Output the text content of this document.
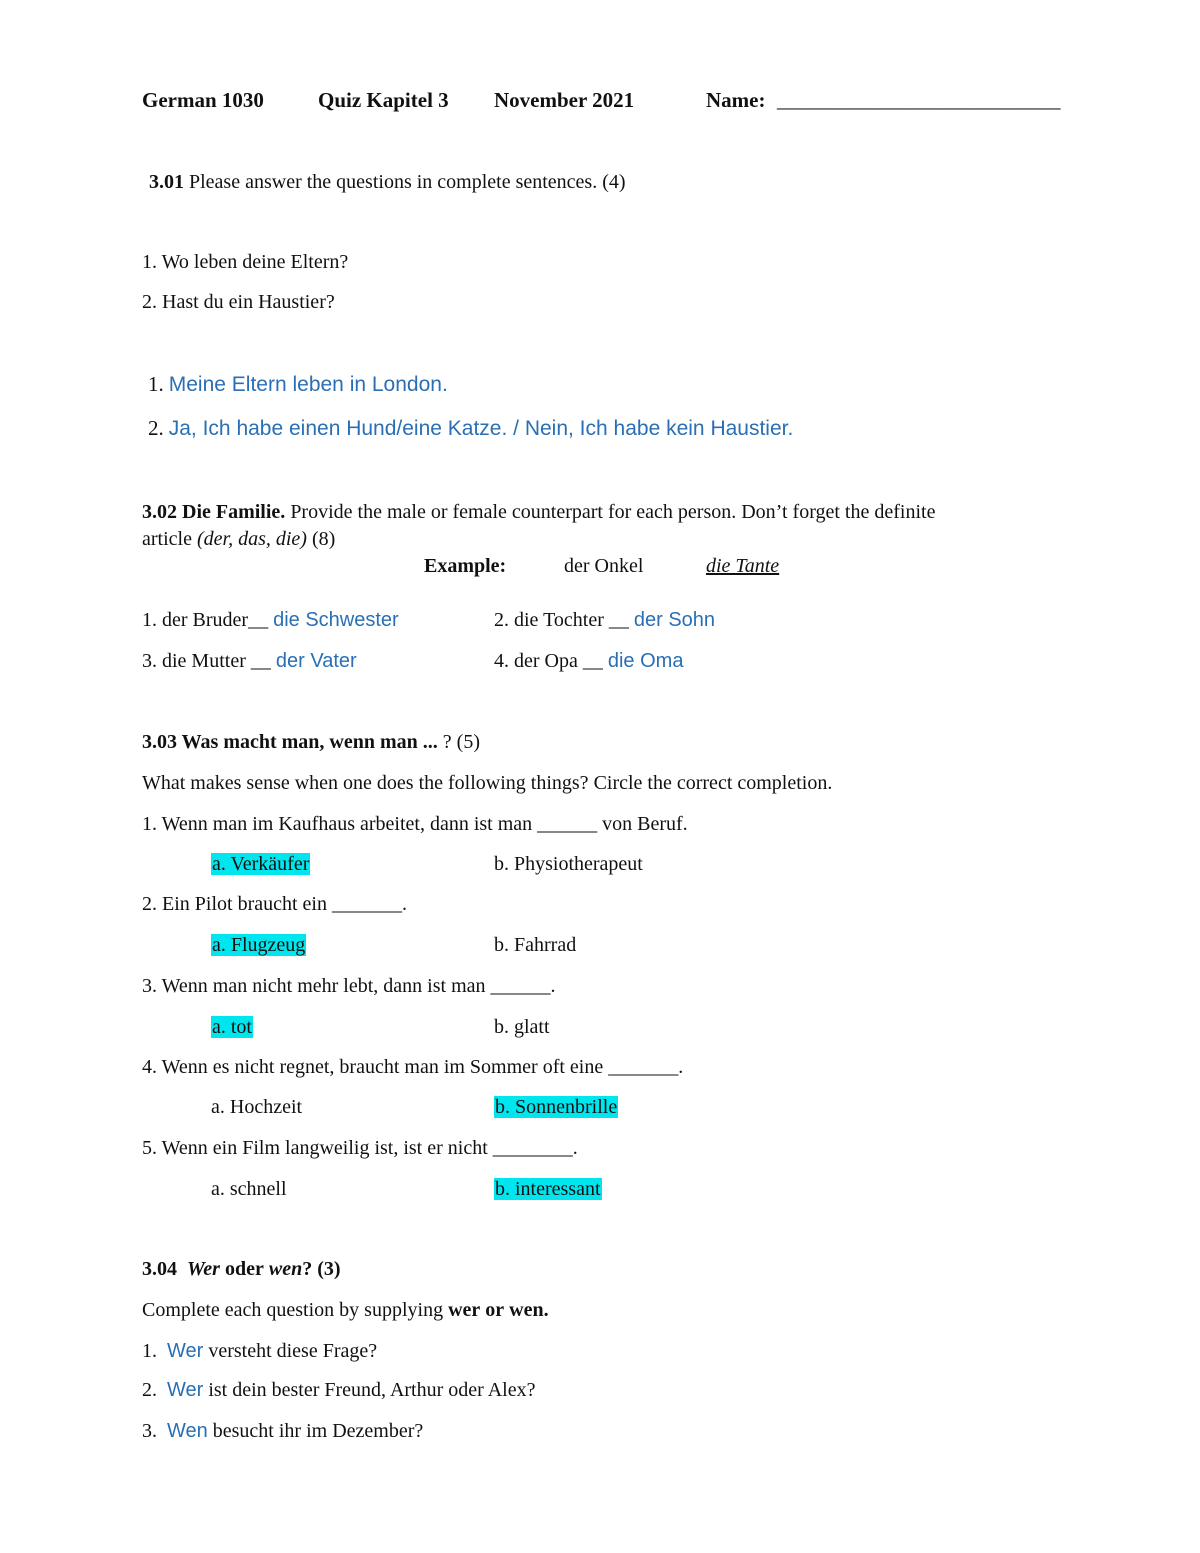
German 1030	Quiz Kapitel 3 November 2021	Name: ___________________________
3.01 Please answer the questions in complete sentences. (4)
1. Wo leben deine Eltern?
2. Hast du ein Haustier?
1. Meine Eltern leben in London.
2. Ja, Ich habe einen Hund/eine Katze. / Nein, Ich habe kein Haustier.
3.02 Die Familie. Provide the male or female counterpart for each person. Don’t forget the definite
article (der, das, die) (8)
Example:	der Onkel	die Tante
1. der Bruder__ die Schwester	2. die Tochter __ der Sohn
3. die Mutter __ der Vater	4. der Opa __ die Oma
3.03 Was macht man, wenn man ... ? (5)
What makes sense when one does the following things? Circle the correct completion.
1. Wenn man im Kaufhaus arbeitet, dann ist man ______ von Beruf.
a. Verkäufer	b. Physiotherapeut
2. Ein Pilot braucht ein _______.
a. Flugzeug	b. Fahrrad
3. Wenn man nicht mehr lebt, dann ist man ______.
a. tot	b. glatt
4. Wenn es nicht regnet, braucht man im Sommer oft eine _______.
a. Hochzeit	b. Sonnenbrille
5. Wenn ein Film langweilig ist, ist er nicht ________.
a. schnell	b. interessant
3.04 Wer oder wen? (3)
Complete each question by supplying wer or wen.
1. Wer versteht diese Frage?
2. Wer ist dein bester Freund, Arthur oder Alex?
3. Wen besucht ihr im Dezember?
